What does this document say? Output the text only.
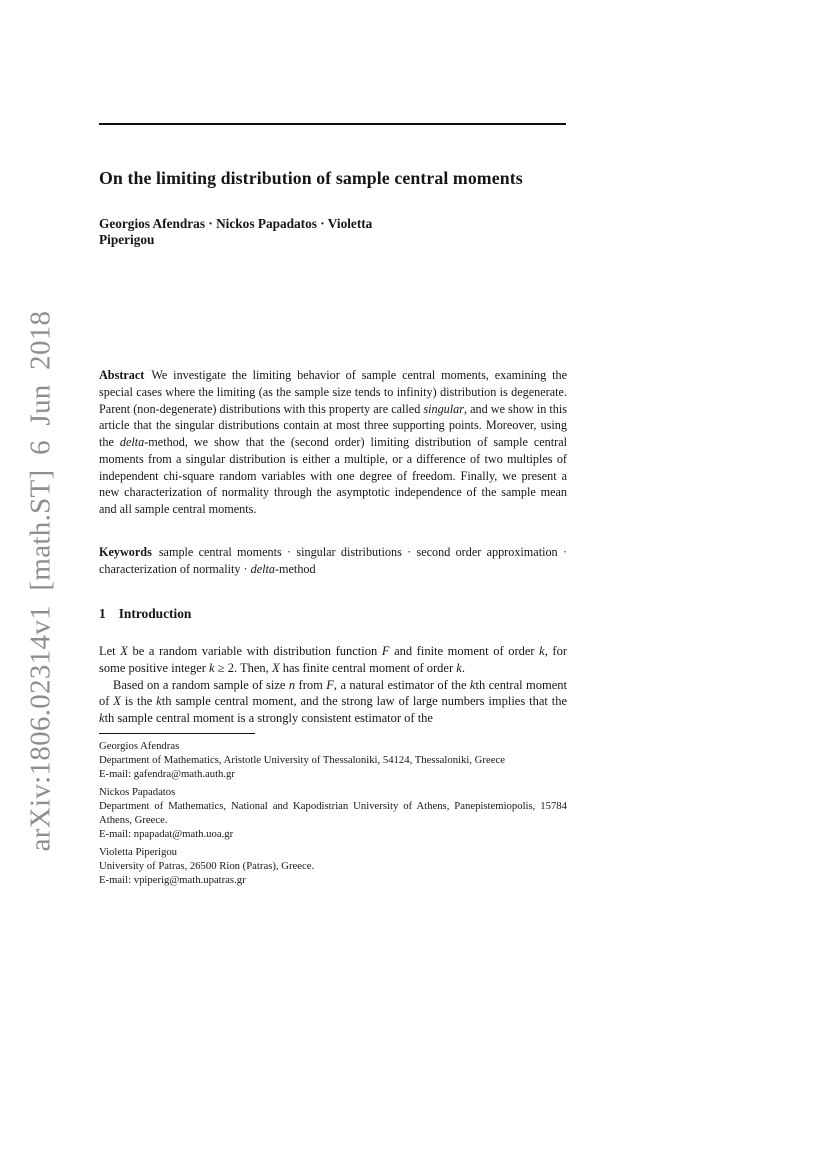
arXiv:1806.02314v1 [math.ST] 6 Jun 2018
On the limiting distribution of sample central moments
Georgios Afendras · Nickos Papadatos · Violetta
Piperigou

Abstract We investigate the limiting behavior of sample central moments, examining the special cases where the limiting (as the sample size tends to infinity) distribution is degenerate. Parent (non-degenerate) distributions with this property are called singular, and we show in this article that the singular distributions contain at most three supporting points. Moreover, using the delta-method, we show that the (second order) limiting distribution of sample central moments from a singular distribution is either a multiple, or a difference of two multiples of independent chi-square random variables with one degree of freedom. Finally, we present a new characterization of normality through the asymptotic independence of the sample mean and all sample central moments.

Keywords sample central moments · singular distributions · second order approximation · characterization of normality · delta-method

1 Introduction

Let X be a random variable with distribution function F and finite moment of order k, for some positive integer k ≥ 2. Then, X has finite central moment of order k.

Based on a random sample of size n from F, a natural estimator of the kth central moment of X is the kth sample central moment, and the strong law of large numbers implies that the kth sample central moment is a strongly consistent estimator of the

Georgios Afendras
Department of Mathematics, Aristotle University of Thessaloniki, 54124, Thessaloniki, Greece
E-mail: gafendra@math.auth.gr
Nickos Papadatos
Department of Mathematics, National and Kapodistrian University of Athens, Panepistemiopolis, 15784 Athens, Greece.
E-mail: npapadat@math.uoa.gr
Violetta Piperigou
University of Patras, 26500 Rion (Patras), Greece.
E-mail: vpiperig@math.upatras.gr
